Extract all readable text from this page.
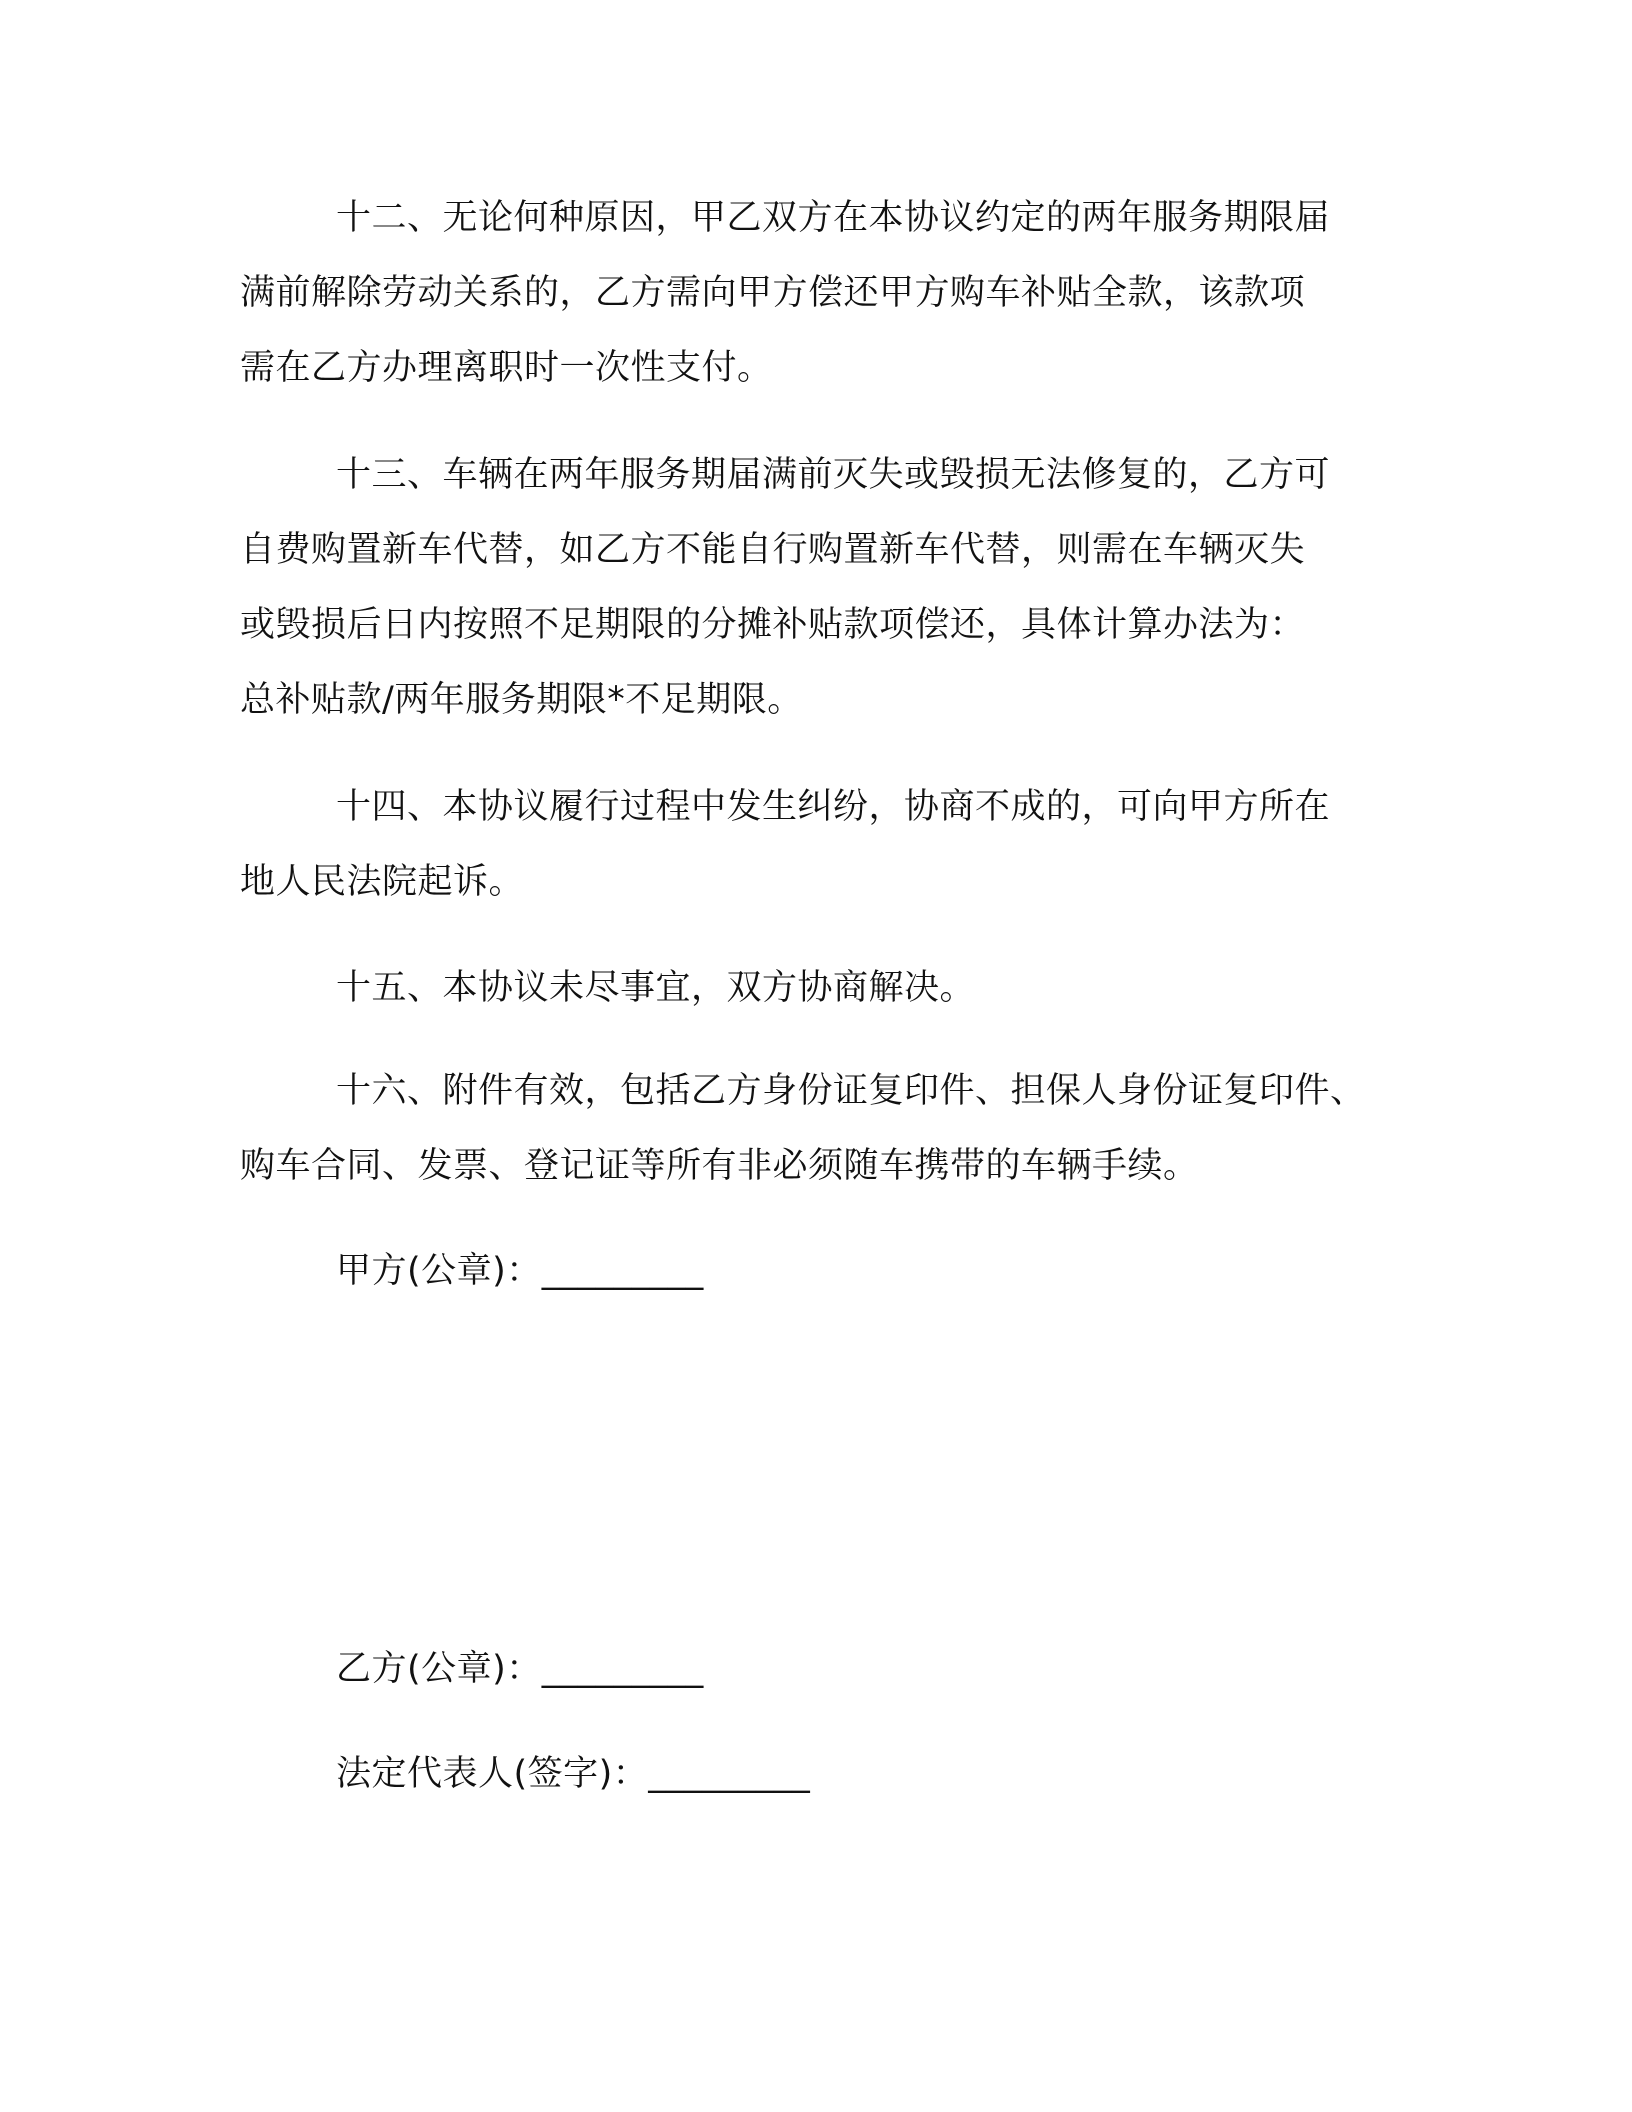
十二、无论何种原因，甲乙双方在本协议约定的两年服务期限届
满前解除劳动关系的，乙方需向甲方偿还甲方购车补贴全款，该款项
需在乙方办理离职时一次性支付。
十三、车辆在两年服务期届满前灭失或毁损无法修复的，乙方可
自费购置新车代替，如乙方不能自行购置新车代替，则需在车辆灭失
或毁损后日内按照不足期限的分摊补贴款项偿还，具体计算办法为：
总补贴款/两年服务期限*不足期限。
十四、本协议履行过程中发生纠纷，协商不成的，可向甲方所在
地人民法院起诉。
十五、本协议未尽事宜，双方协商解决。
十六、附件有效，包括乙方身份证复印件、担保人身份证复印件、
购车合同、发票、登记证等所有非必须随车携带的车辆手续。
甲方(公章)：_________
乙方(公章)：_________
法定代表人(签字)：_________
